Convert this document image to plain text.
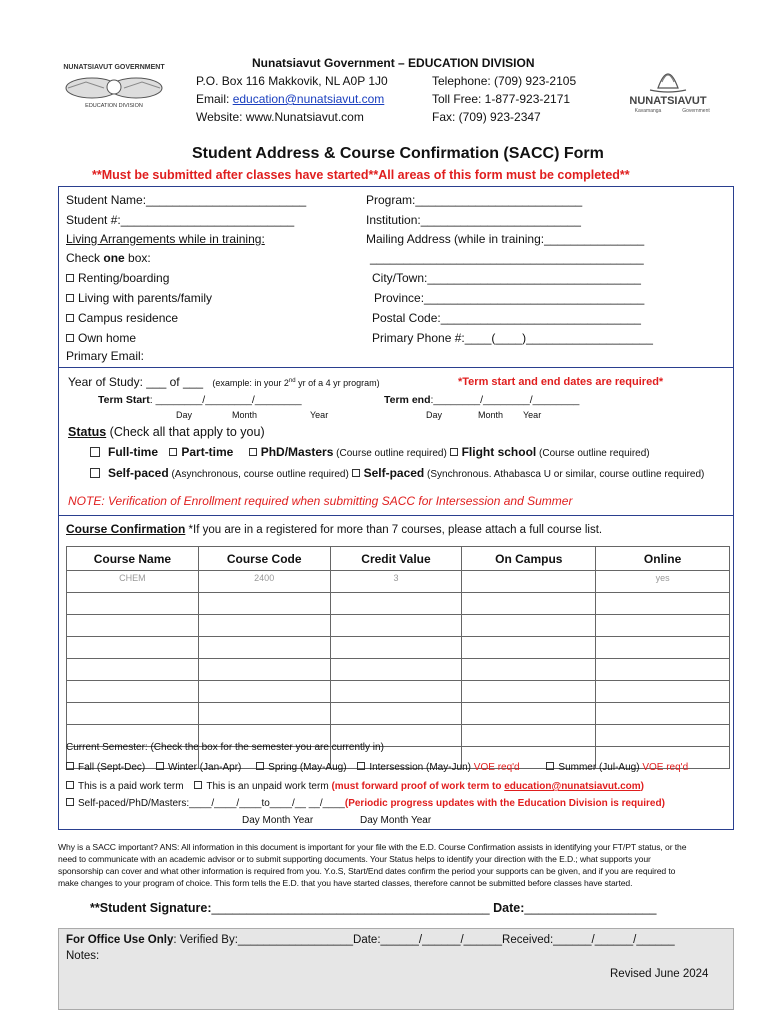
NUNATSIAVUT GOVERNMENT
EDUCATION DIVISION	NUNATSIAVUT
Kavamanga	Government
Nunatsiavut Government – EDUCATION DIVISION
P.O. Box 116 Makkovik, NL A0P 1J0
Email: education@nunatsiavut.com
Website: www.Nunatsiavut.com
Telephone: (709) 923-2105
Toll Free: 1-877-923-2171
Fax: (709) 923-2347
Student Address & Course Confirmation (SACC) Form
**Must be submitted after classes have started**All areas of this form must be completed**
Student Name:________________________
Student #:__________________________
Living Arrangements while in training:
Check one box:
Renting/boarding
Living with parents/family
Campus residence
Own home
Primary Email:
Program:_________________________
Institution:________________________
Mailing Address (while in training:_______________
_________________________________________
City/Town:________________________________
Province:_________________________________
Postal Code:______________________________
Primary Phone #:____(____)___________________
Year of Study: ___ of ___ (example: in your 2nd yr of a 4 yr program)	*Term start and end dates are required*
Term Start: ________/________/________	Term end:________/________/________
Day	Month	Year	Day	Month Year
Status (Check all that apply to you)
Full-time Part-time PhD/Masters (Course outline required) Flight school (Course outline required)
Self-paced (Asynchronous, course outline required) Self-paced (Synchronous. Athabasca U or similar, course outline required)
NOTE: Verification of Enrollment required when submitting SACC for Intersession and Summer
Course Confirmation *If you are in a registered for more than 7 courses, please attach a full course list.
Course Name	Course Code	Credit Value	On Campus	Online
CHEM	2400	3		yes

Current Semester: (Check the box for the semester you are currently in)
Fall (Sept-Dec) Winter (Jan-Apr)	Spring (May-Aug) Intersession (May-Jun) VOE req'd	Summer (Jul-Aug) VOE req'd
This is a paid work term This is an unpaid work term (must forward proof of work term to education@nunatsiavut.com)
Self-paced/PhD/Masters:____/____/____to____/__ __/____(Periodic progress updates with the Education Division is required)
Day Month Year	Day Month Year
Why is a SACC important? ANS: All information in this document is important for your file with the E.D. Course Confirmation assists in identifying your FT/PT status, or the
need to communicate with an academic advisor or to submit supporting documents. Your Status helps to identify your direction with the E.D.; what supports your
sponsorship can cover and what other information is required from you. Y.o.S, Start/End dates confirm the period your supports can be given, and if you are required to
make changes to your program of choice. This form tells the E.D. that you have started classes, therefore cannot be submitted before classes have started.
**Student Signature:________________________________________ Date:___________________
For Office Use Only: Verified By:__________________Date:______/______/______Received:______/______/______
Notes:
Revised June 2024
